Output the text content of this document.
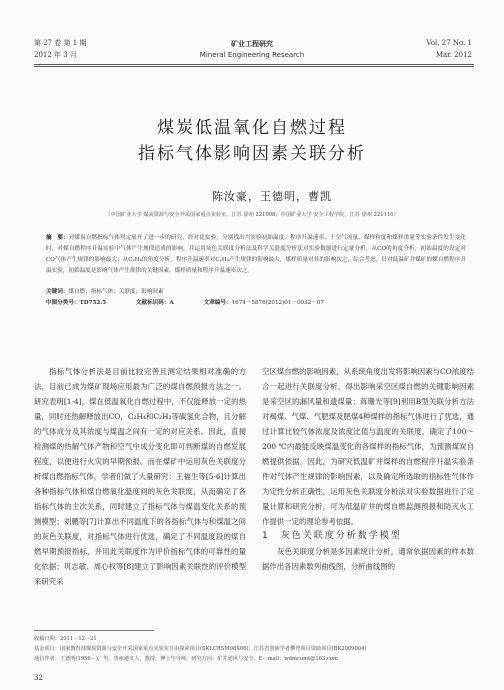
第 27 卷 第 1 期
2012 年 3 月
矿业工程研究
Mineral Engineering Research
Vol. 27 No. 1
Mar. 2012
煤炭低温氧化自燃过程
指标气体影响因素关联分析
陈汝豪，王德明，曹凯
（中国矿业大学 煤炭资源与安全开采国家重点实验室，江苏 徐州 221008；中国矿业大学 安全工程学院，江苏 徐州 221116）
摘　要：对煤炭自燃指标气体判定展开了进一步的研究，经对比实验，分别找出当实验初始温度、程序升温速率、干空气流量、煤样粒度和煤样重量等实验条件发生变化时，对煤自燃程序升温实验中气体产生规律造成的影响，并运用灰色关联度分析法及科学关联度分析法对实验数据进行定量分析，从CO的角度分析，初始温度的设定对CO气体产生规律的影响最大；从C₂H₄的角度分析，程序升温速率对C₂H₄产生规律的影响最大，煤样质量对其的影响次之，综合考虑，针对低温矿井煤矿的煤自燃程序升温实验，初始温度是影响气体产生规律的关键因素，煤样质量和程序升温速率次之。
关键词：煤自燃；指标气体；关联度；影响因素
中图分类号：TD752.5	文献标识码：A	文章编号：1674－5876(2012)01－0032－07

指标气体分析法是目前比较完善且测定结果相对准确的方法，目前已成为煤矿现场应用最为广泛的煤自燃预报方法之一。研究表明[1-4]，煤在低温氧化自燃过程中，不仅能释放一定的热量，同时还热解释放出CO，C₂H₄和C₂H₂等碳氢化合物，且分解的气体成分及其浓度与煤温之间有一定的对应关系。因此，直接检测煤的热解气体产物和空气中成分变化即可判断煤的自燃发展程度，以便进行火灾的早期预报。而在煤矿中运用灰色关联度分析煤自燃指标气体，学者们做了大量研究：王福生等[5-6]计算出各种指标气体和煤自燃氧化温度间的灰色关联度，从而确定了各指标气体的主次关系，同时建立了指标气体与煤温变化关系的预测模型；刘鹏等[7]计算出不同温度下的各指标气体与和煤温之间的灰色关联度，对指标气体进行优选，确定了不同温度段的煤自燃早期预报指标，并用此关联度作为评价指标气体的可靠性的量化依据；巩志敏、周心权等[8]建立了影响因素关联性的评价模型来研究采

空区煤自燃的影响因素，从系统角度出发将影响因素与CO浓度结合一起进行关联度分析，得出影响采空区煤自燃的关键影响因素是采空区的漏风量和遗煤量；蒋珊光等[9]利用B型关联分析方法对褐煤、气煤、气肥煤及肥煤4种煤样的指标气体进行了优选，通过计算比较气体浓度及浓度比值与温度的关联度，确定了100～200 ℃内最能反映煤温变化的各煤样的指标气体，为预测煤炭自燃提供依据。因此，为研究低温矿井煤样的自燃程序升温实验条件对气体产生规律的影响因素，以及确定所选取的指标性气体作为定性分析正确性，运用灰色关联度分析法对实验数据进行了定量计算和研究分析，可为低温矿井的煤自燃监测预报和防灭火工作提供一定的理论参考依据。

1　灰色关联度分析数学模型

灰色关联度分析是多因素统计分析，通常依据因素的样本数据作出各因素数列曲线图，分析曲线图的

收稿日期：2011－12－21
基金项目：国家教育部煤炭资源与安全开采国家重点实验室自由探索项目(SKLCRSM08X06)；江苏省创新学者攀登项目资助项目(BK2009004)
通信作者：王德明(1956－)，男，贵州遵义人，教授，博士生导师，研究方向：矿井通风与安全。E－mail：wdmcumt@163.com
32
